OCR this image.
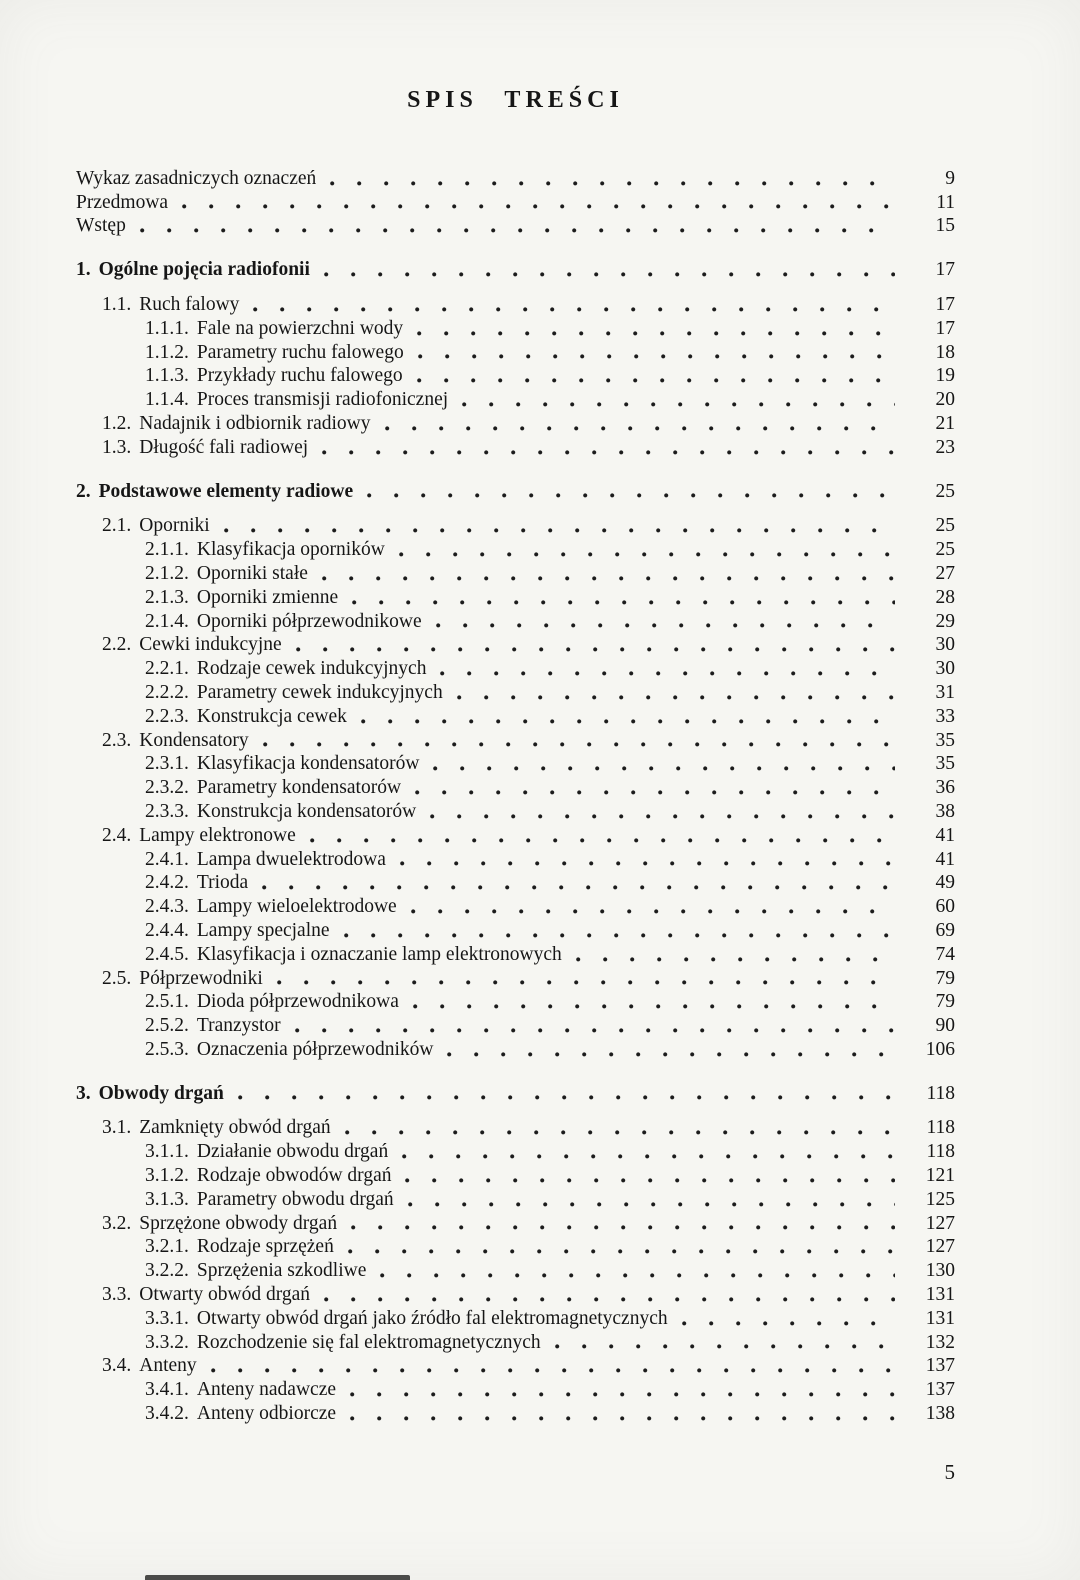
SPIS TREŚCI
Wykaz zasadniczych oznaczeń	9
Przedmowa	11
Wstęp	15
1. Ogólne pojęcia radiofonii	17
1.1. Ruch falowy	17
1.1.1. Fale na powierzchni wody	17
1.1.2. Parametry ruchu falowego	18
1.1.3. Przykłady ruchu falowego	19
1.1.4. Proces transmisji radiofonicznej	20
1.2. Nadajnik i odbiornik radiowy	21
1.3. Długość fali radiowej	23
2. Podstawowe elementy radiowe	25
2.1. Oporniki	25
2.1.1. Klasyfikacja oporników	25
2.1.2. Oporniki stałe	27
2.1.3. Oporniki zmienne	28
2.1.4. Oporniki półprzewodnikowe	29
2.2. Cewki indukcyjne	30
2.2.1. Rodzaje cewek indukcyjnych	30
2.2.2. Parametry cewek indukcyjnych	31
2.2.3. Konstrukcja cewek	33
2.3. Kondensatory	35
2.3.1. Klasyfikacja kondensatorów	35
2.3.2. Parametry kondensatorów	36
2.3.3. Konstrukcja kondensatorów	38
2.4. Lampy elektronowe	41
2.4.1. Lampa dwuelektrodowa	41
2.4.2. Trioda	49
2.4.3. Lampy wieloelektrodowe	60
2.4.4. Lampy specjalne	69
2.4.5. Klasyfikacja i oznaczanie lamp elektronowych	74
2.5. Półprzewodniki	79
2.5.1. Dioda półprzewodnikowa	79
2.5.2. Tranzystor	90
2.5.3. Oznaczenia półprzewodników	106
3. Obwody drgań	118
3.1. Zamknięty obwód drgań	118
3.1.1. Działanie obwodu drgań	118
3.1.2. Rodzaje obwodów drgań	121
3.1.3. Parametry obwodu drgań	125
3.2. Sprzężone obwody drgań	127
3.2.1. Rodzaje sprzężeń	127
3.2.2. Sprzężenia szkodliwe	130
3.3. Otwarty obwód drgań	131
3.3.1. Otwarty obwód drgań jako źródło fal elektromagnetycznych	131
3.3.2. Rozchodzenie się fal elektromagnetycznych	132
3.4. Anteny	137
3.4.1. Anteny nadawcze	137
3.4.2. Anteny odbiorcze	138
5
